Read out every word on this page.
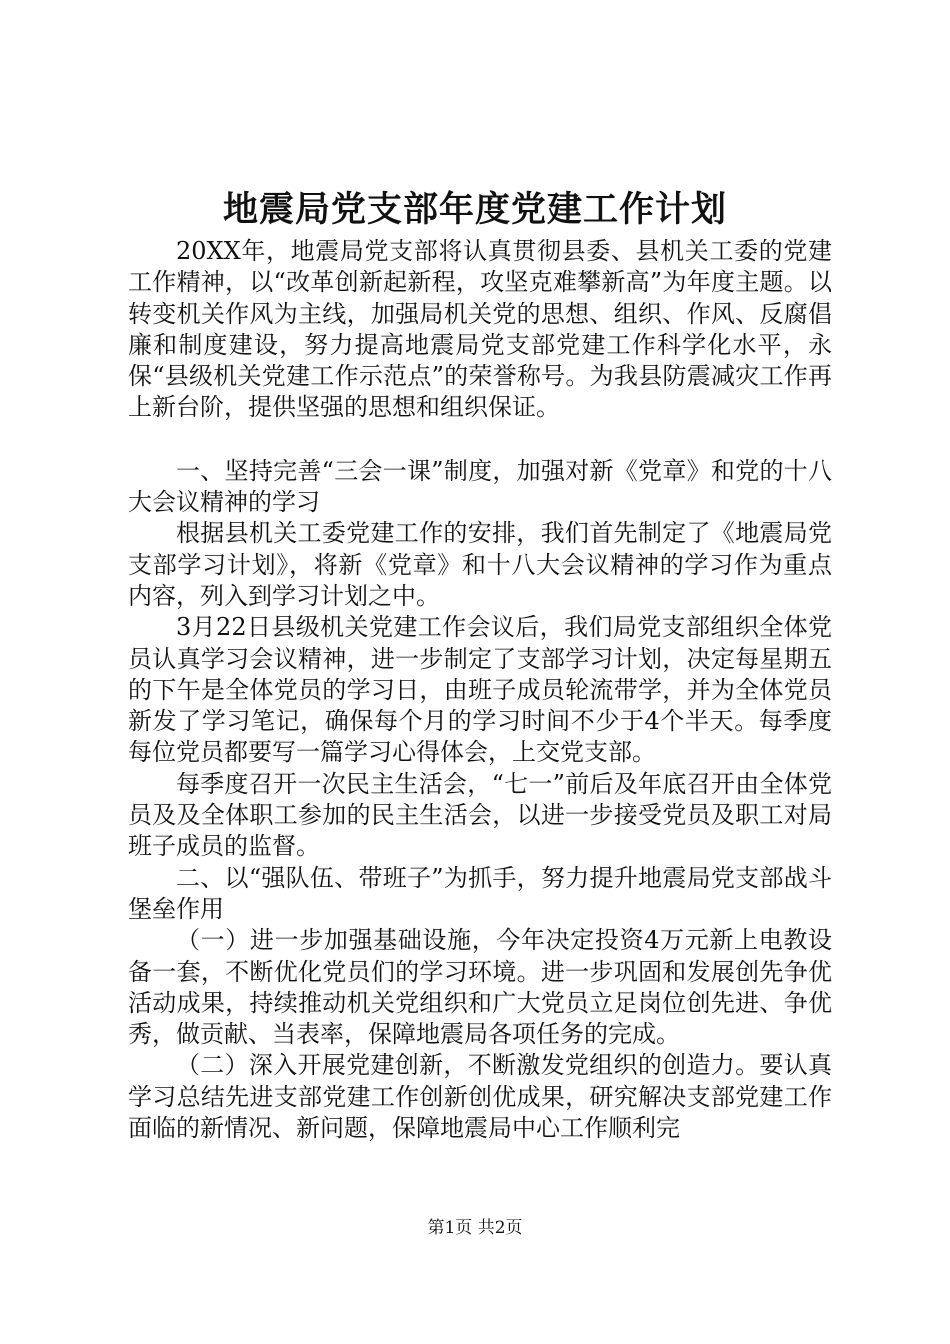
地震局党支部年度党建工作计划

20XX年，地震局党支部将认真贯彻县委、县机关工委的党建工作精神，以“改革创新起新程，攻坚克难攀新高”为年度主题。以转变机关作风为主线，加强局机关党的思想、组织、作风、反腐倡廉和制度建设，努力提高地震局党支部党建工作科学化水平，永保“县级机关党建工作示范点”的荣誉称号。为我县防震减灾工作再上新台阶，提供坚强的思想和组织保证。

一、坚持完善“三会一课”制度，加强对新《党章》和党的十八大会议精神的学习

根据县机关工委党建工作的安排，我们首先制定了《地震局党支部学习计划》，将新《党章》和十八大会议精神的学习作为重点内容，列入到学习计划之中。

3月22日县级机关党建工作会议后，我们局党支部组织全体党员认真学习会议精神，进一步制定了支部学习计划，决定每星期五的下午是全体党员的学习日，由班子成员轮流带学，并为全体党员新发了学习笔记，确保每个月的学习时间不少于4个半天。每季度每位党员都要写一篇学习心得体会，上交党支部。

每季度召开一次民主生活会，“七一”前后及年底召开由全体党员及及全体职工参加的民主生活会，以进一步接受党员及职工对局班子成员的监督。

二、以“强队伍、带班子”为抓手，努力提升地震局党支部战斗堡垒作用

（一）进一步加强基础设施，今年决定投资4万元新上电教设备一套，不断优化党员们的学习环境。进一步巩固和发展创先争优活动成果，持续推动机关党组织和广大党员立足岗位创先进、争优秀，做贡献、当表率，保障地震局各项任务的完成。

（二）深入开展党建创新，不断激发党组织的创造力。要认真学习总结先进支部党建工作创新创优成果，研究解决支部党建工作面临的新情况、新问题，保障地震局中心工作顺利完

第1页 共2页
